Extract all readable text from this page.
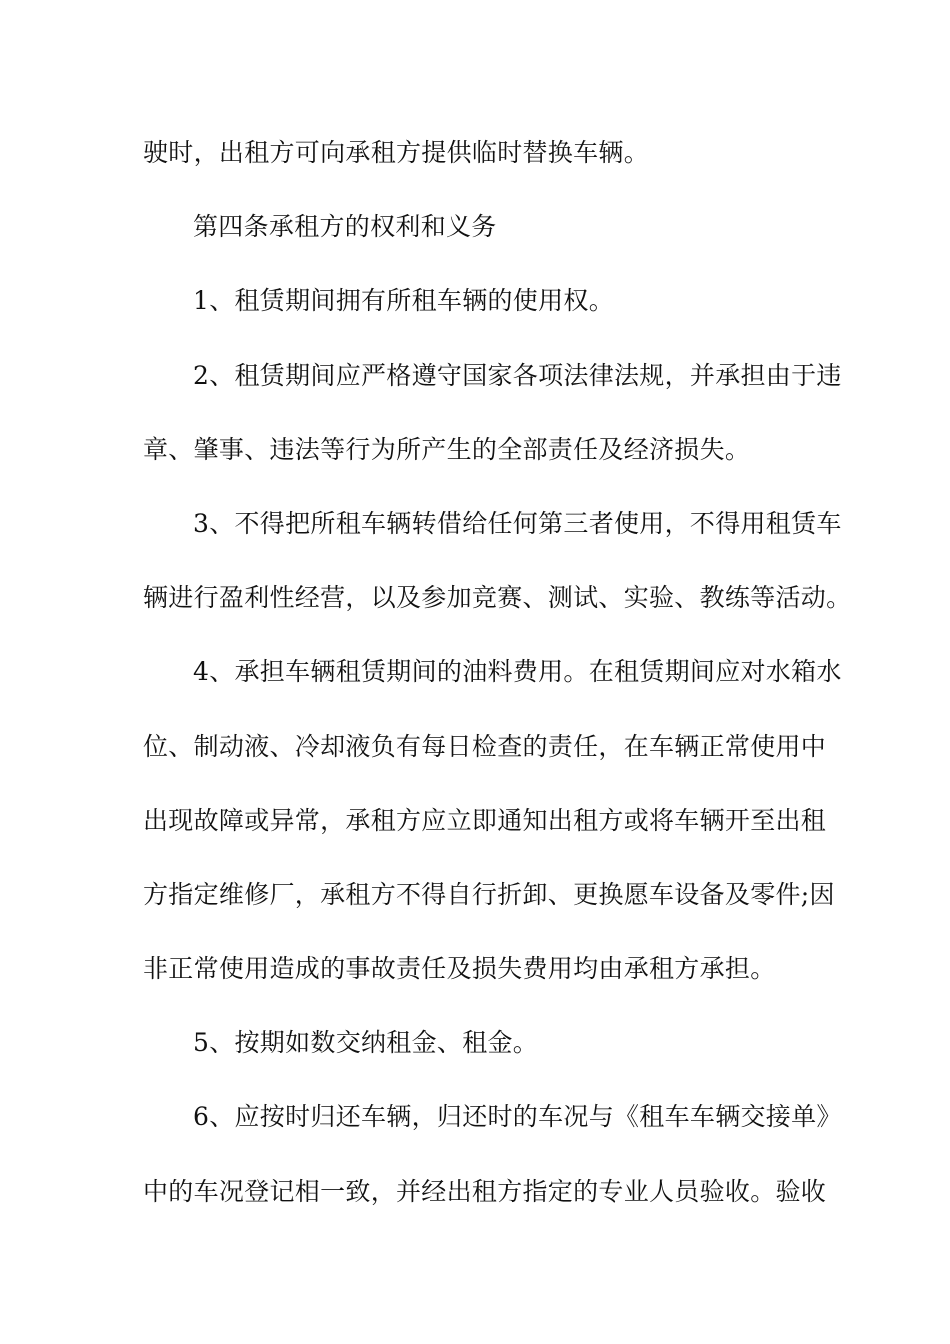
驶时，出租方可向承租方提供临时替换车辆。
第四条承租方的权利和义务
1、租赁期间拥有所租车辆的使用权。
2、租赁期间应严格遵守国家各项法律法规，并承担由于违
章、肇事、违法等行为所产生的全部责任及经济损失。
3、不得把所租车辆转借给任何第三者使用，不得用租赁车
辆进行盈利性经营，以及参加竞赛、测试、实验、教练等活动。
4、承担车辆租赁期间的油料费用。在租赁期间应对水箱水
位、制动液、冷却液负有每日检查的责任，在车辆正常使用中
出现故障或异常，承租方应立即通知出租方或将车辆开至出租
方指定维修厂，承租方不得自行折卸、更换愿车设备及零件;因
非正常使用造成的事故责任及损失费用均由承租方承担。
5、按期如数交纳租金、租金。
6、应按时归还车辆，归还时的车况与《租车车辆交接单》
中的车况登记相一致，并经出租方指定的专业人员验收。验收
